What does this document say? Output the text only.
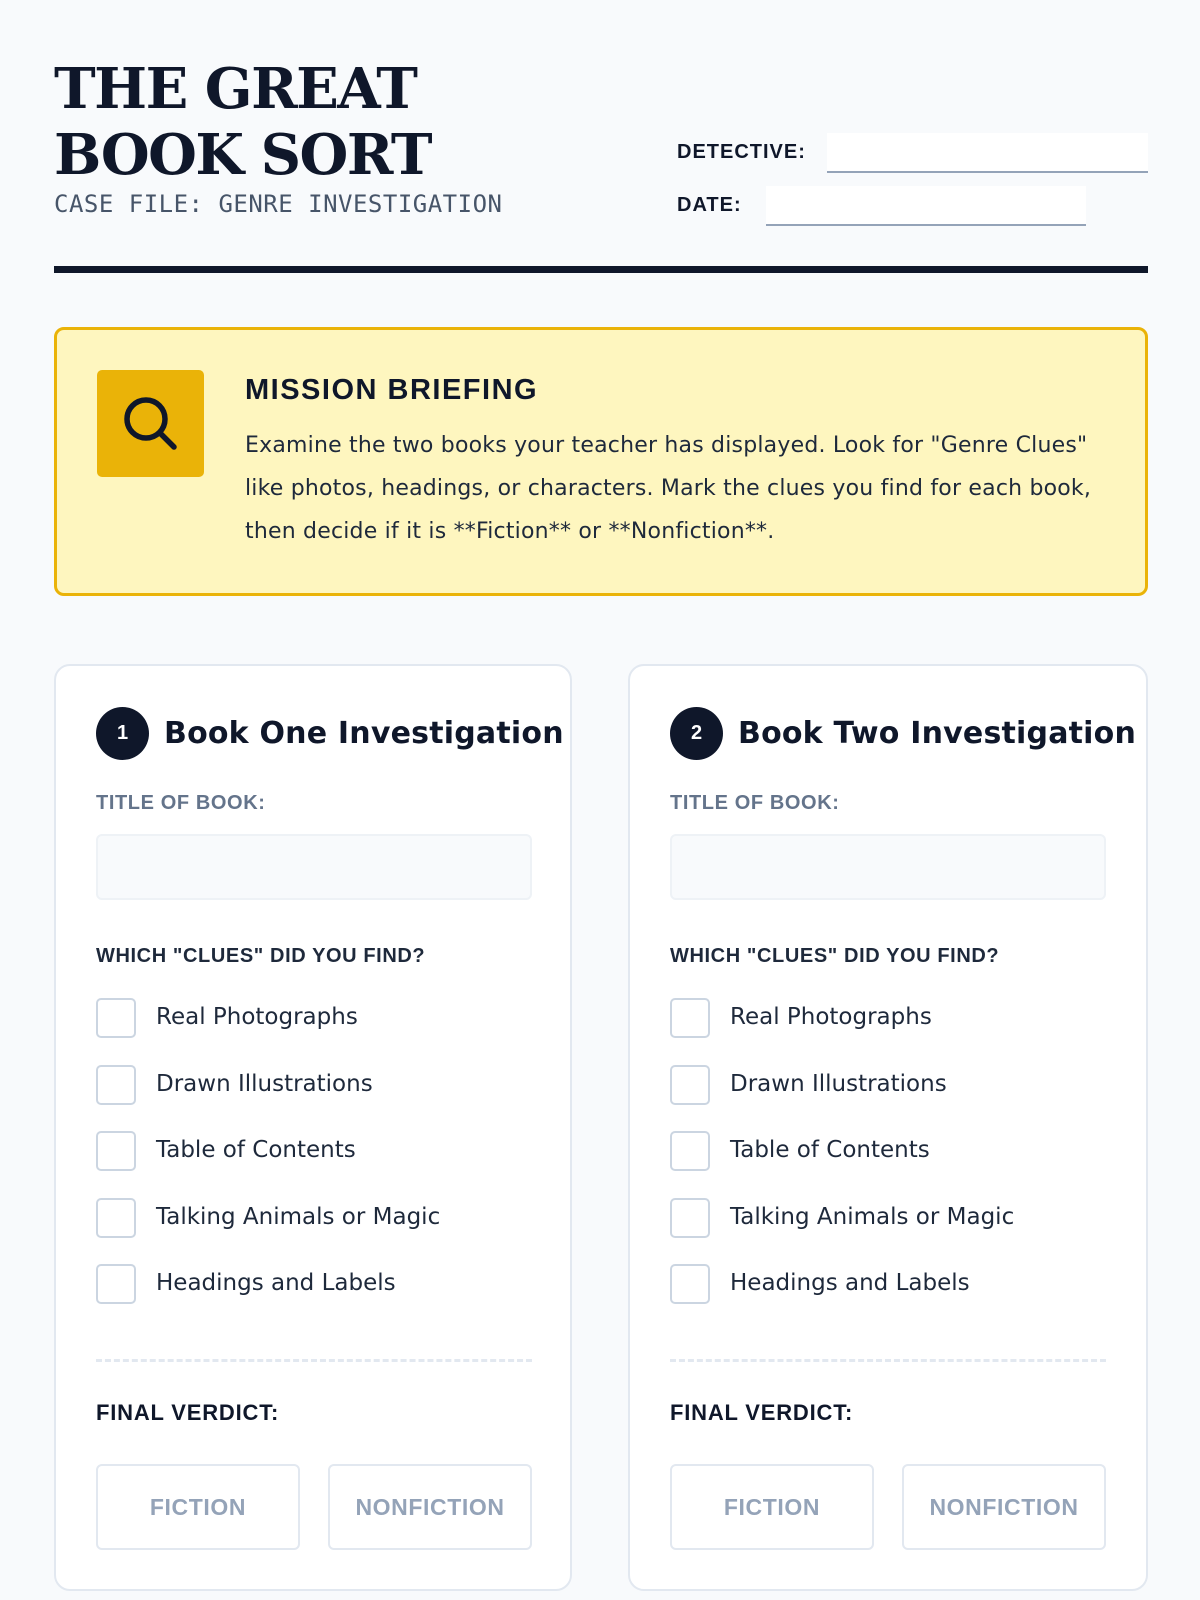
THE GREAT BOOK SORT
CASE FILE: GENRE INVESTIGATION
DETECTIVE:
DATE:
MISSION BRIEFING

Examine the two books your teacher has displayed. Look for "Genre Clues" like photos, headings, or characters. Mark the clues you find for each book, then decide if it is **Fiction** or **Nonfiction**.

1	Book One Investigation
TITLE OF BOOK:
WHICH "CLUES" DID YOU FIND?
Real Photographs
Drawn Illustrations
Table of Contents
Talking Animals or Magic
Headings and Labels
FINAL VERDICT:
FICTION	NONFICTION
2	Book Two Investigation
TITLE OF BOOK:
WHICH "CLUES" DID YOU FIND?
Real Photographs
Drawn Illustrations
Table of Contents
Talking Animals or Magic
Headings and Labels
FINAL VERDICT:
FICTION	NONFICTION
